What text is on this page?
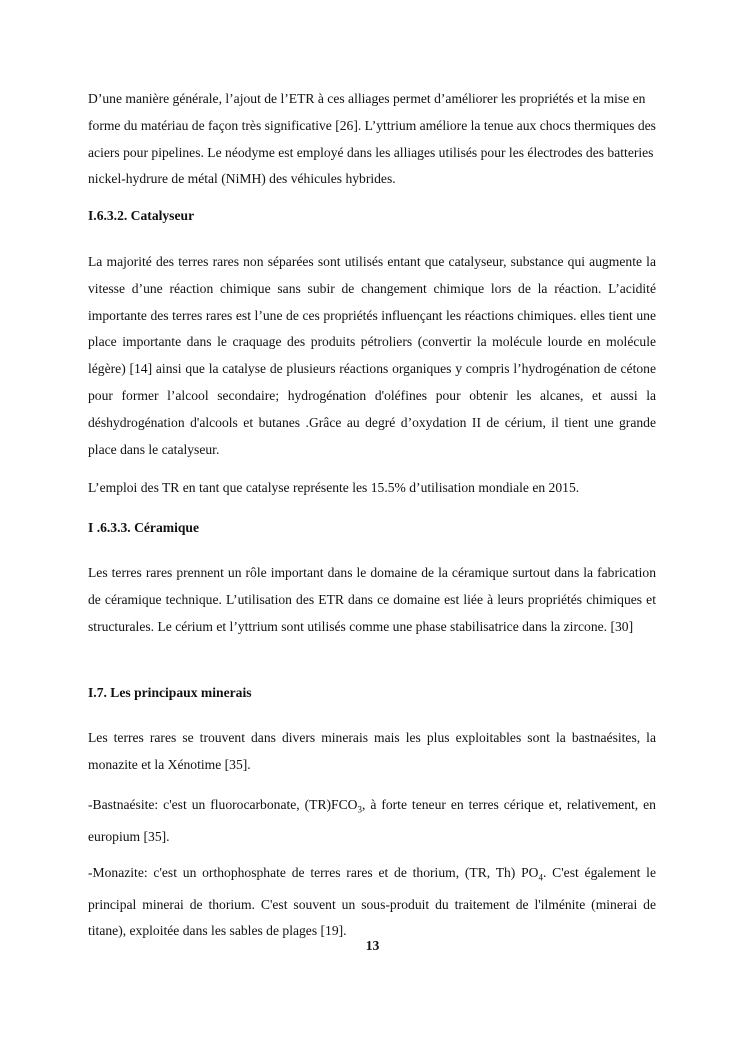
D’une manière générale, l’ajout de l’ETR à ces alliages permet d’améliorer les propriétés et la mise en forme du matériau de façon très significative [26]. L’yttrium améliore la tenue aux chocs thermiques des aciers pour pipelines. Le néodyme est employé dans les alliages utilisés pour les électrodes des batteries nickel-hydrure de métal (NiMH) des véhicules hybrides.

I.6.3.2. Catalyseur

La majorité des terres rares non séparées sont utilisés entant que catalyseur, substance qui augmente la vitesse d’une réaction chimique sans subir de changement chimique lors de la réaction. L’acidité importante des terres rares est l’une de ces propriétés influençant les réactions chimiques. elles tient une place importante dans le craquage des produits pétroliers (convertir la molécule lourde en molécule légère) [14] ainsi que la catalyse de plusieurs réactions organiques y compris l’hydrogénation de cétone pour former l’alcool secondaire; hydrogénation d'oléfines pour obtenir les alcanes, et aussi la déshydrogénation d'alcools et butanes .Grâce au degré d’oxydation II de cérium, il tient une grande place dans le catalyseur.

L’emploi des TR en tant que catalyse représente les 15.5% d’utilisation mondiale en 2015.

I .6.3.3. Céramique

Les terres rares prennent un rôle important dans le domaine de la céramique surtout dans la fabrication de céramique technique. L’utilisation des ETR dans ce domaine est liée à leurs propriétés chimiques et structurales. Le cérium et l’yttrium sont utilisés comme une phase stabilisatrice dans la zircone. [30]

I.7. Les principaux minerais

Les terres rares se trouvent dans divers minerais mais les plus exploitables sont la bastnaésites, la monazite et la Xénotime [35].

-Bastnaésite: c'est un fluorocarbonate, $(TR)FCO_3$, à forte teneur en terres cérique et, relativement, en europium [35].

-Monazite: c'est un orthophosphate de terres rares et de thorium, (TR, Th) $PO_4$. C'est également le principal minerai de thorium. C'est souvent un sous-produit du traitement de l'ilménite (minerai de titane), exploitée dans les sables de plages [19].

13
